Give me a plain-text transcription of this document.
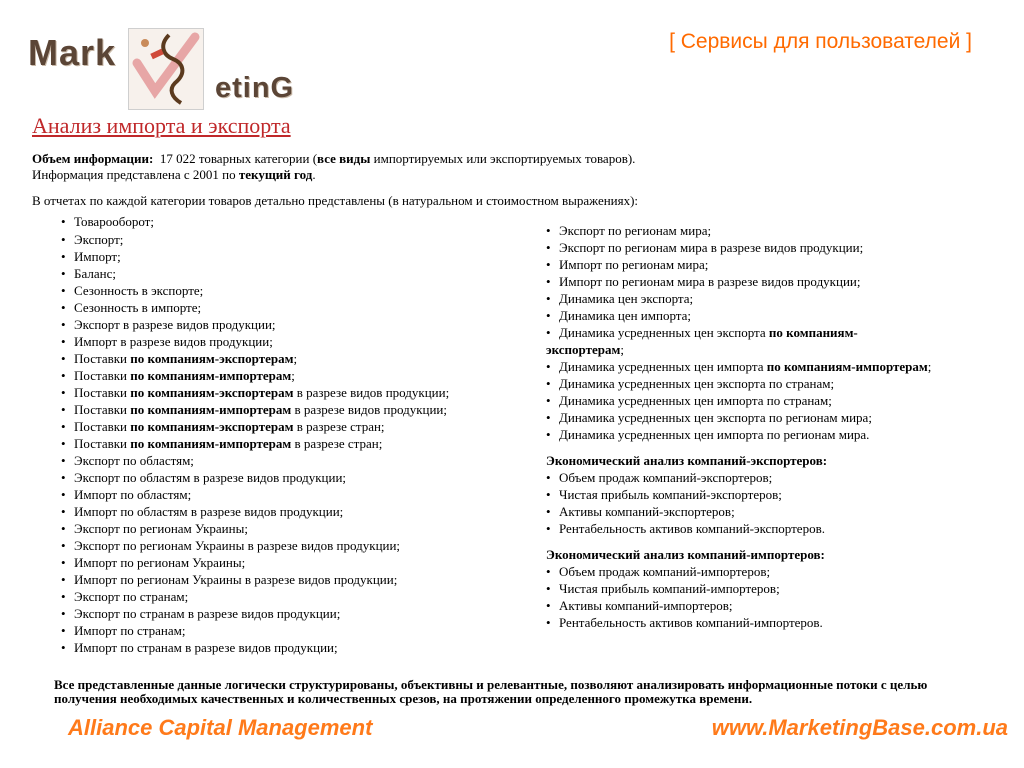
Mark
etinG
[ Сервисы для пользователей ]
Анализ импорта и экспорта
Объем информации: 17 022 товарных категории (все виды импортируемых или экспортируемых товаров).
Информация представлена с 2001 по текущий год.
В отчетах по каждой категории товаров детально представлены (в натуральном и стоимостном выражениях):
• Товарооборот;
• Экспорт;
• Импорт;
• Баланс;
• Сезонность в экспорте;
• Сезонность в импорте;
• Экспорт в разрезе видов продукции;
• Импорт в разрезе видов продукции;
• Поставки по компаниям-экспортерам;
• Поставки по компаниям-импортерам;
• Поставки по компаниям-экспортерам в разрезе видов продукции;
• Поставки по компаниям-импортерам в разрезе видов продукции;
• Поставки по компаниям-экспортерам в разрезе стран;
• Поставки по компаниям-импортерам в разрезе стран;
• Экспорт по областям;
• Экспорт по областям в разрезе видов продукции;
• Импорт по областям;
• Импорт по областям в разрезе видов продукции;
• Экспорт по регионам Украины;
• Экспорт по регионам Украины в разрезе видов продукции;
• Импорт по регионам Украины;
• Импорт по регионам Украины в разрезе видов продукции;
• Экспорт по странам;
• Экспорт по странам в разрезе видов продукции;
• Импорт по странам;
• Импорт по странам в разрезе видов продукции;
• Экспорт по регионам мира;
• Экспорт по регионам мира в разрезе видов продукции;
• Импорт по регионам мира;
• Импорт по регионам мира в разрезе видов продукции;
• Динамика цен экспорта;
• Динамика цен импорта;
• Динамика усредненных цен экспорта по компаниям-экспортерам;
• Динамика усредненных цен импорта по компаниям-импортерам;
• Динамика усредненных цен экспорта по странам;
• Динамика усредненных цен импорта по странам;
• Динамика усредненных цен экспорта по регионам мира;
• Динамика усредненных цен импорта по регионам мира.
Экономический анализ компаний-экспортеров:
• Объем продаж компаний-экспортеров;
• Чистая прибыль компаний-экспортеров;
• Активы компаний-экспортеров;
• Рентабельность активов компаний-экспортеров.
Экономический анализ компаний-импортеров:
• Объем продаж компаний-импортеров;
• Чистая прибыль компаний-импортеров;
• Активы компаний-импортеров;
• Рентабельность активов компаний-импортеров.
Все представленные данные логически структурированы, объективны и релевантные, позволяют анализировать информационные потоки с целью получения необходимых качественных и количественных срезов, на протяжении определенного промежутка времени.
Alliance Capital Management	www.MarketingBase.com.ua
